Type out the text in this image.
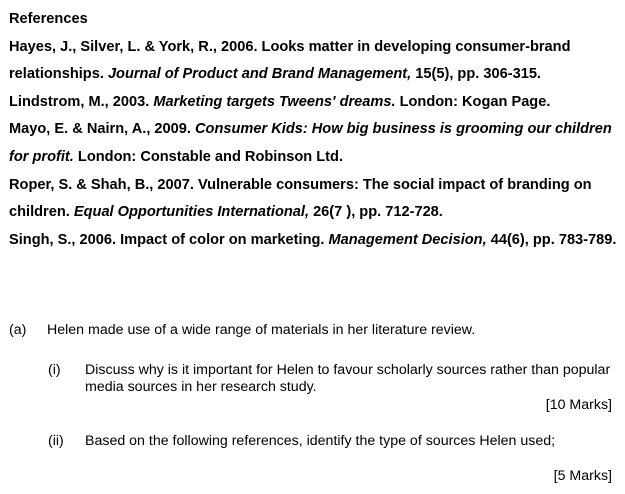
References

Hayes, J., Silver, L. & York, R., 2006. Looks matter in developing consumer-brand relationships. Journal of Product and Brand Management, 15(5), pp. 306-315.

Lindstrom, M., 2003. Marketing targets Tweens' dreams. London: Kogan Page.

Mayo, E. & Nairn, A., 2009. Consumer Kids: How big business is grooming our children for profit. London: Constable and Robinson Ltd.

Roper, S. & Shah, B., 2007. Vulnerable consumers: The social impact of branding on children. Equal Opportunities International, 26(7 ), pp. 712-728.

Singh, S., 2006. Impact of color on marketing. Management Decision, 44(6), pp. 783-789.

(a) Helen made use of a wide range of materials in her literature review.
(i) Discuss why is it important for Helen to favour scholarly sources rather than popular media sources in her research study.
[10 Marks]
(ii) Based on the following references, identify the type of sources Helen used;
[5 Marks]
